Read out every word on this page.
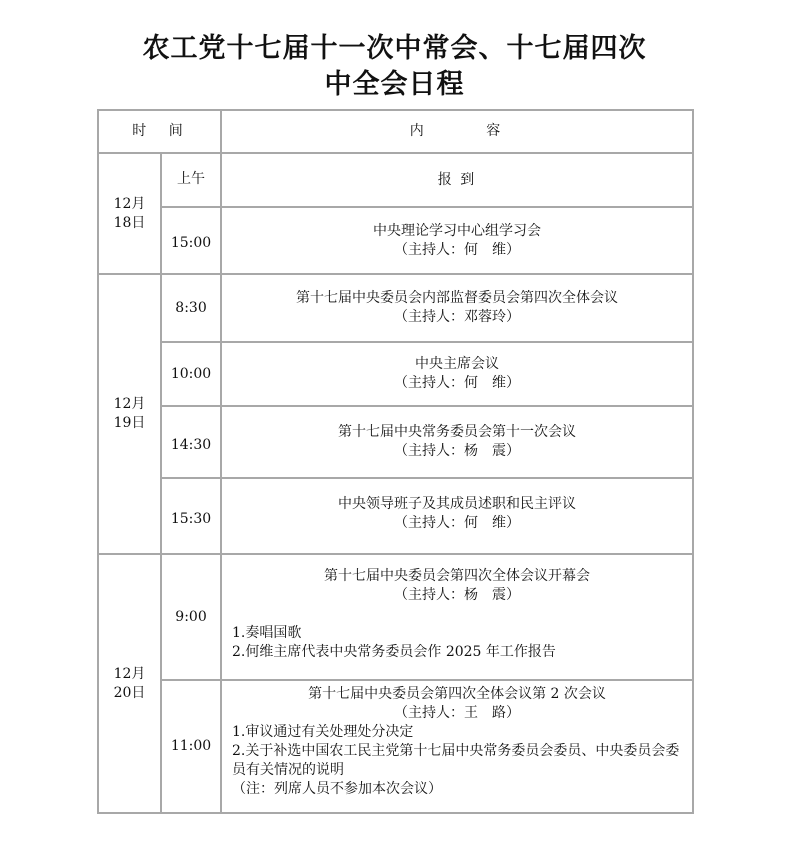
农工党十七届十一次中常会、十七届四次
中全会日程
时 间		内 容
12月
18日	上午	报 到

	15:00	中央理论学习中心组学习会
（主持人：何　维）

12月
19日	8:30	第十七届中央委员会内部监督委员会第四次全体会议
（主持人：邓蓉玲）

	10:00	中央主席会议
（主持人：何　维）

	14:30	第十七届中央常务委员会第十一次会议
（主持人：杨　震）

	15:30	中央领导班子及其成员述职和民主评议
（主持人：何　维）

12月
20日	9:00	第十七届中央委员会第四次全体会议开幕会
（主持人：杨　震）
1.奏唱国歌
2.何维主席代表中央常务委员会作 2025 年工作报告

	11:00	第十七届中央委员会第四次全体会议第 2 次会议
（主持人：王　路）
1.审议通过有关处理处分决定
2.关于补选中国农工民主党第十七届中央常务委员会委员、中央委员会委员有关情况的说明
（注：列席人员不参加本次会议）
